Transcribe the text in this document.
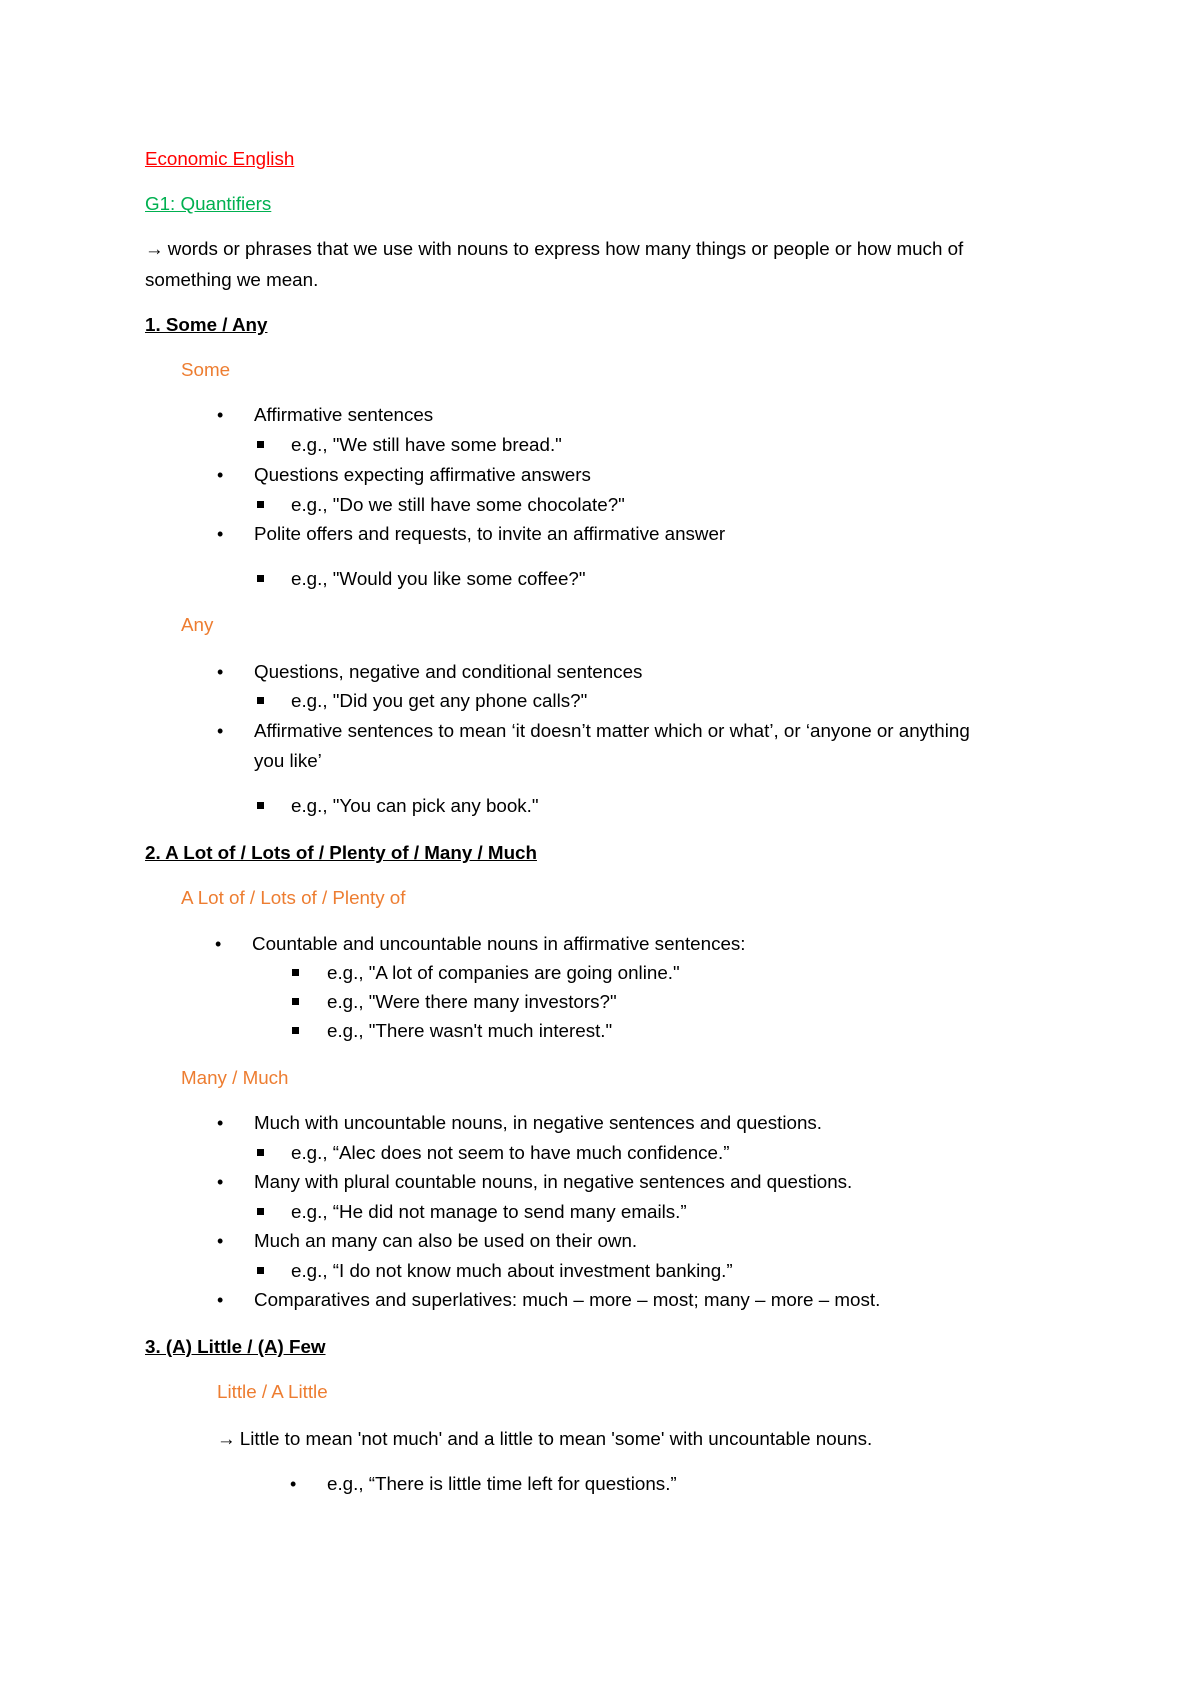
Economic English
G1: Quantifiers
→ words or phrases that we use with nouns to express how many things or people or how much of
something we mean.
1. Some / Any
Some
• Affirmative sentences
e.g., "We still have some bread."
• Questions expecting affirmative answers
e.g., "Do we still have some chocolate?"
• Polite offers and requests, to invite an affirmative answer
e.g., "Would you like some coffee?"
Any
• Questions, negative and conditional sentences
e.g., "Did you get any phone calls?"
• Affirmative sentences to mean ‘it doesn’t matter which or what’, or ‘anyone or anything
you like’
e.g., "You can pick any book."
2. A Lot of / Lots of / Plenty of / Many / Much
A Lot of / Lots of / Plenty of
• Countable and uncountable nouns in affirmative sentences:
e.g., "A lot of companies are going online."
e.g., "Were there many investors?"
e.g., "There wasn't much interest."
Many / Much
• Much with uncountable nouns, in negative sentences and questions.
e.g., “Alec does not seem to have much confidence.”
• Many with plural countable nouns, in negative sentences and questions.
e.g., “He did not manage to send many emails.”
• Much an many can also be used on their own.
e.g., “I do not know much about investment banking.”
• Comparatives and superlatives: much – more – most; many – more – most.
3. (A) Little / (A) Few
Little / A Little
→ Little to mean 'not much' and a little to mean 'some' with uncountable nouns.
• e.g., “There is little time left for questions.”
